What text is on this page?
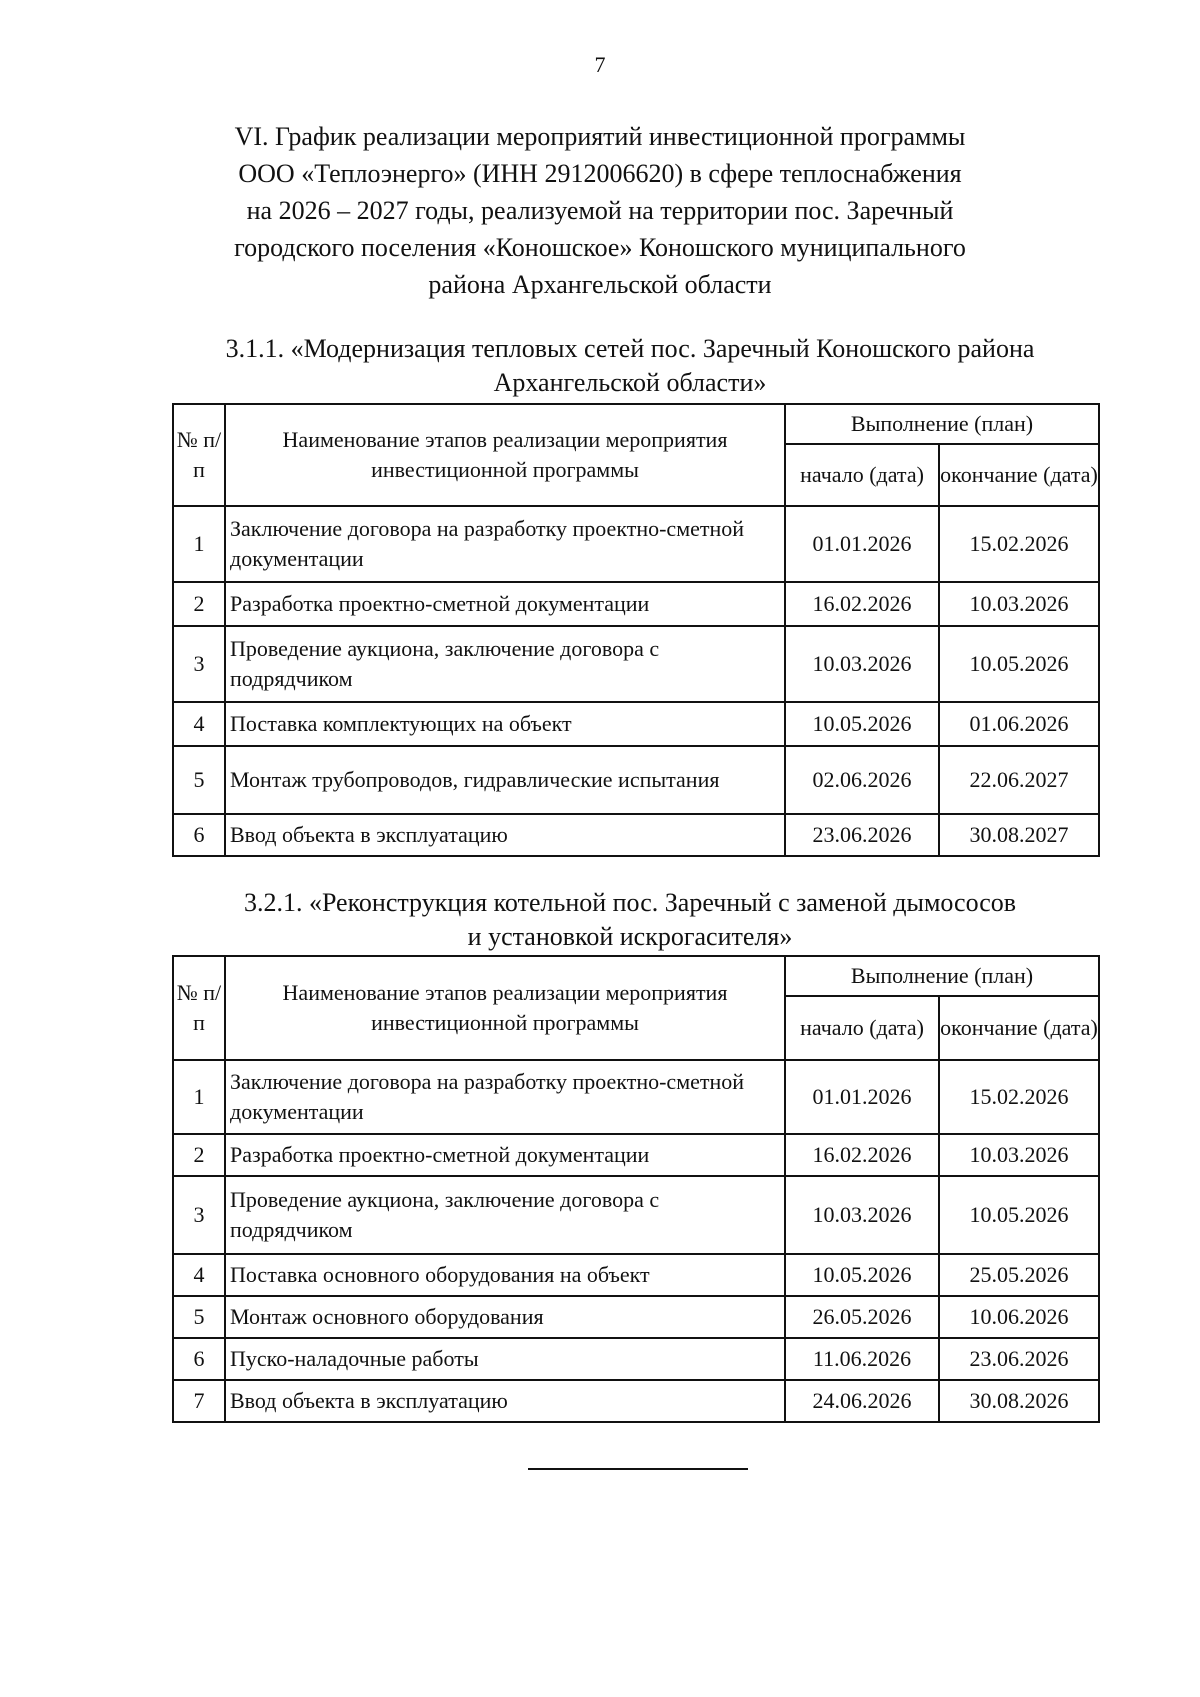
7
VI. График реализации мероприятий инвестиционной программы
ООО «Теплоэнерго» (ИНН 2912006620) в сфере теплоснабжения
на 2026 – 2027 годы, реализуемой на территории пос. Заречный
городского поселения «Коношское» Коношского муниципального
района Архангельской области
3.1.1. «Модернизация тепловых сетей пос. Заречный Коношского района
Архангельской области»
№ п/п	Наименование этапов реализации мероприятия инвестиционной программы	Выполнение (план)	
		начало (дата)	окончание (дата)
1	Заключение договора на разработку проектно-сметной документации	01.01.2026	15.02.2026
2	Разработка проектно-сметной документации	16.02.2026	10.03.2026
3	Проведение аукциона, заключение договора с подрядчиком	10.03.2026	10.05.2026
4	Поставка комплектующих на объект	10.05.2026	01.06.2026
5	Монтаж трубопроводов, гидравлические испытания	02.06.2026	22.06.2027
6	Ввод объекта в эксплуатацию	23.06.2026	30.08.2027
3.2.1. «Реконструкция котельной пос. Заречный с заменой дымососов
и установкой искрогасителя»
№ п/п	Наименование этапов реализации мероприятия инвестиционной программы	Выполнение (план)	
		начало (дата)	окончание (дата)
1	Заключение договора на разработку проектно-сметной документации	01.01.2026	15.02.2026
2	Разработка проектно-сметной документации	16.02.2026	10.03.2026
3	Проведение аукциона, заключение договора с подрядчиком	10.03.2026	10.05.2026
4	Поставка основного оборудования на объект	10.05.2026	25.05.2026
5	Монтаж основного оборудования	26.05.2026	10.06.2026
6	Пуско-наладочные работы	11.06.2026	23.06.2026
7	Ввод объекта в эксплуатацию	24.06.2026	30.08.2026
